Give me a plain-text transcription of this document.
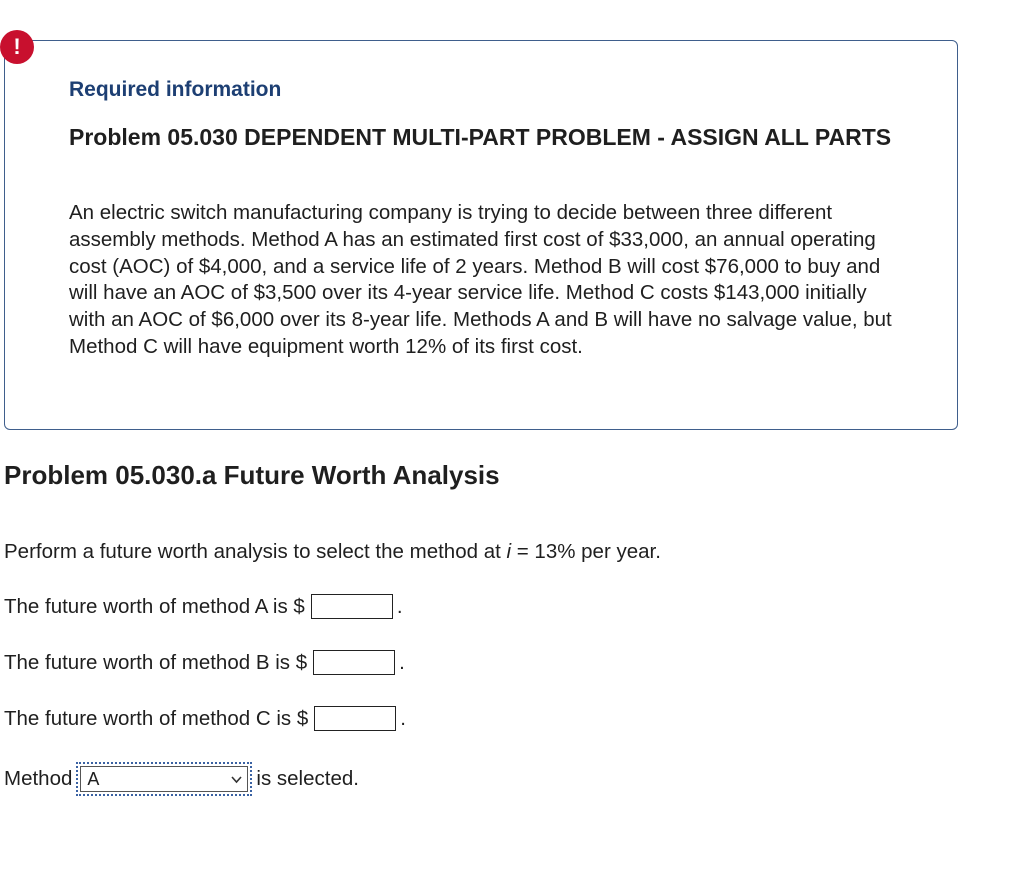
!
Required information
Problem 05.030 DEPENDENT MULTI-PART PROBLEM - ASSIGN ALL PARTS

An electric switch manufacturing company is trying to decide between three different assembly methods. Method A has an estimated first cost of $33,000, an annual operating cost (AOC) of $4,000, and a service life of 2 years. Method B will cost $76,000 to buy and will have an AOC of $3,500 over its 4-year service life. Method C costs $143,000 initially with an AOC of $6,000 over its 8-year life. Methods A and B will have no salvage value, but Method C will have equipment worth 12% of its first cost.

Problem 05.030.a Future Worth Analysis

Perform a future worth analysis to select the method at i = 13% per year.

The future worth of method A is $	.
The future worth of method B is $	.
The future worth of method C is $	.
Method A	is selected.
